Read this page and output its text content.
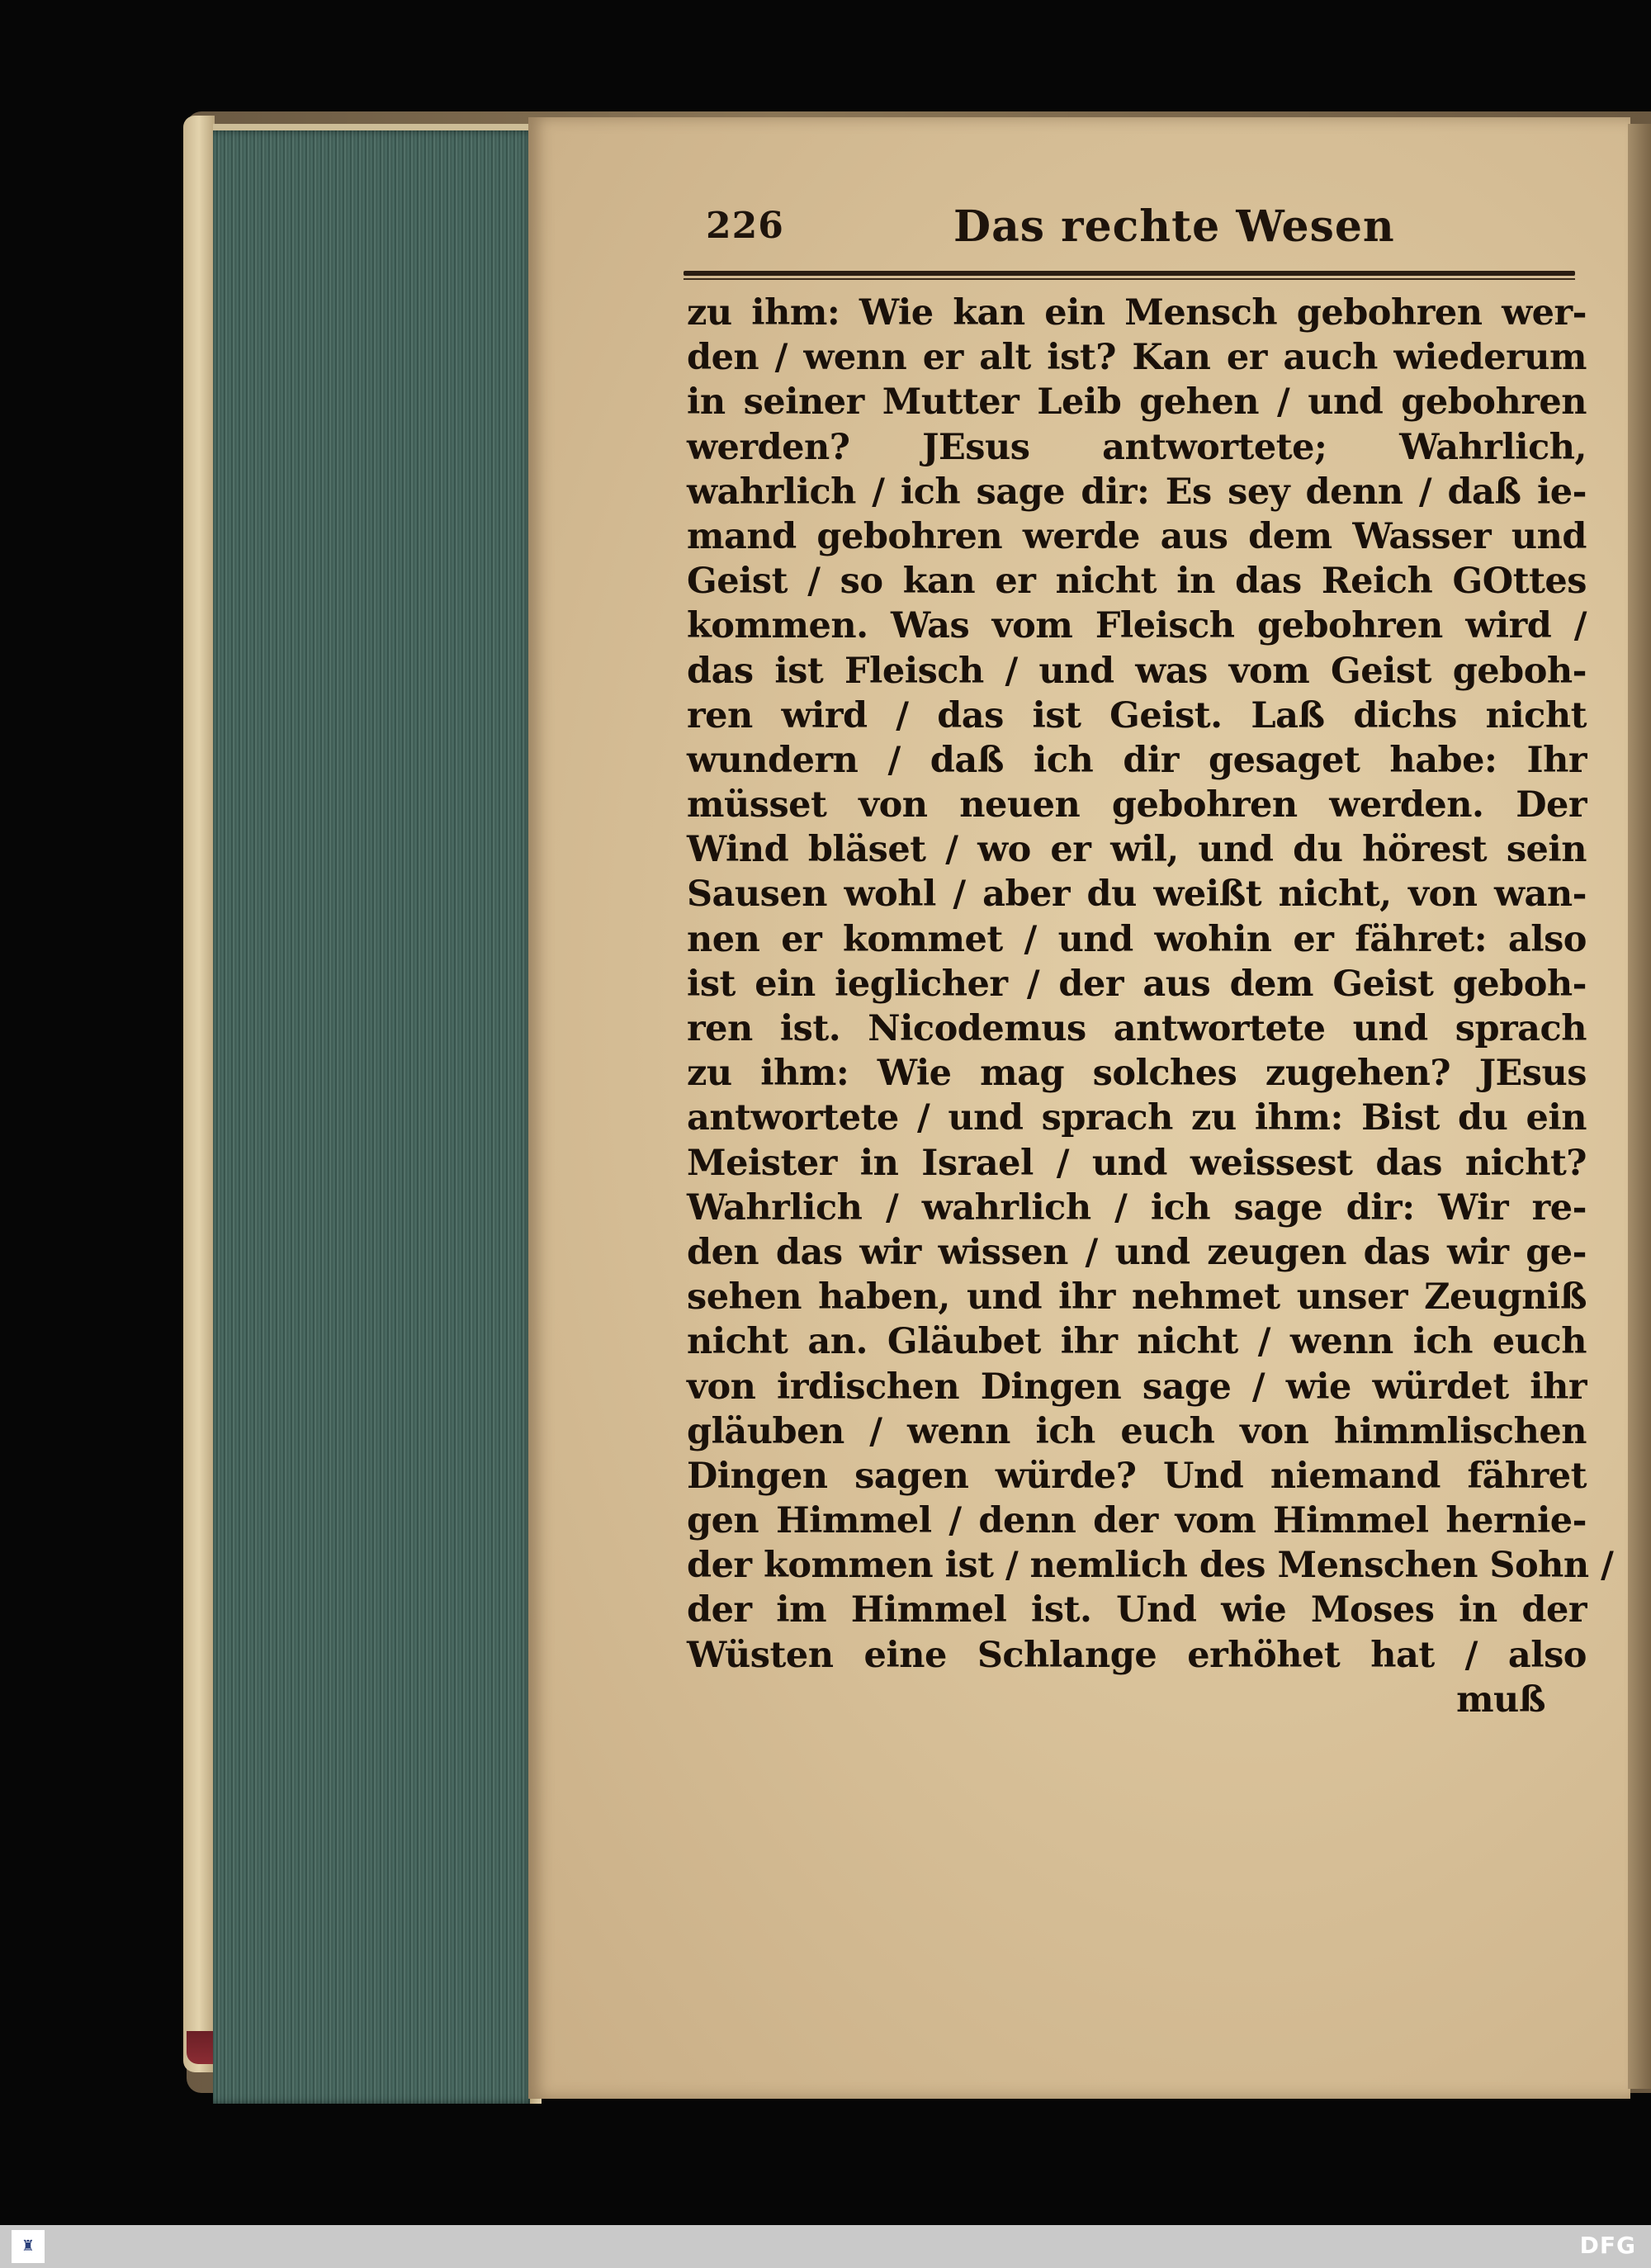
226	Das rechte Wesen
zu ihm: Wie kan ein Mensch gebohren wer-
den / wenn er alt ist? Kan er auch wiederum
in seiner Mutter Leib gehen / und gebohren
werden? JEsus antwortete; Wahrlich,
wahrlich / ich sage dir: Es sey denn / daß ie-
mand gebohren werde aus dem Wasser und
Geist / so kan er nicht in das Reich GOttes
kommen. Was vom Fleisch gebohren wird /
das ist Fleisch / und was vom Geist geboh-
ren wird / das ist Geist. Laß dichs nicht
wundern / daß ich dir gesaget habe: Ihr
müsset von neuen gebohren werden. Der
Wind bläset / wo er wil, und du hörest sein
Sausen wohl / aber du weißt nicht, von wan-
nen er kommet / und wohin er fähret: also
ist ein ieglicher / der aus dem Geist geboh-
ren ist. Nicodemus antwortete und sprach
zu ihm: Wie mag solches zugehen? JEsus
antwortete / und sprach zu ihm: Bist du ein
Meister in Israel / und weissest das nicht?
Wahrlich / wahrlich / ich sage dir: Wir re-
den das wir wissen / und zeugen das wir ge-
sehen haben, und ihr nehmet unser Zeugniß
nicht an. Gläubet ihr nicht / wenn ich euch
von irdischen Dingen sage / wie würdet ihr
gläuben / wenn ich euch von himmlischen
Dingen sagen würde? Und niemand fähret
gen Himmel / denn der vom Himmel hernie-
der kommen ist / nemlich des Menschen Sohn /
der im Himmel ist. Und wie Moses in der
Wüsten eine Schlange erhöhet hat / also
muß
♜	DFG
